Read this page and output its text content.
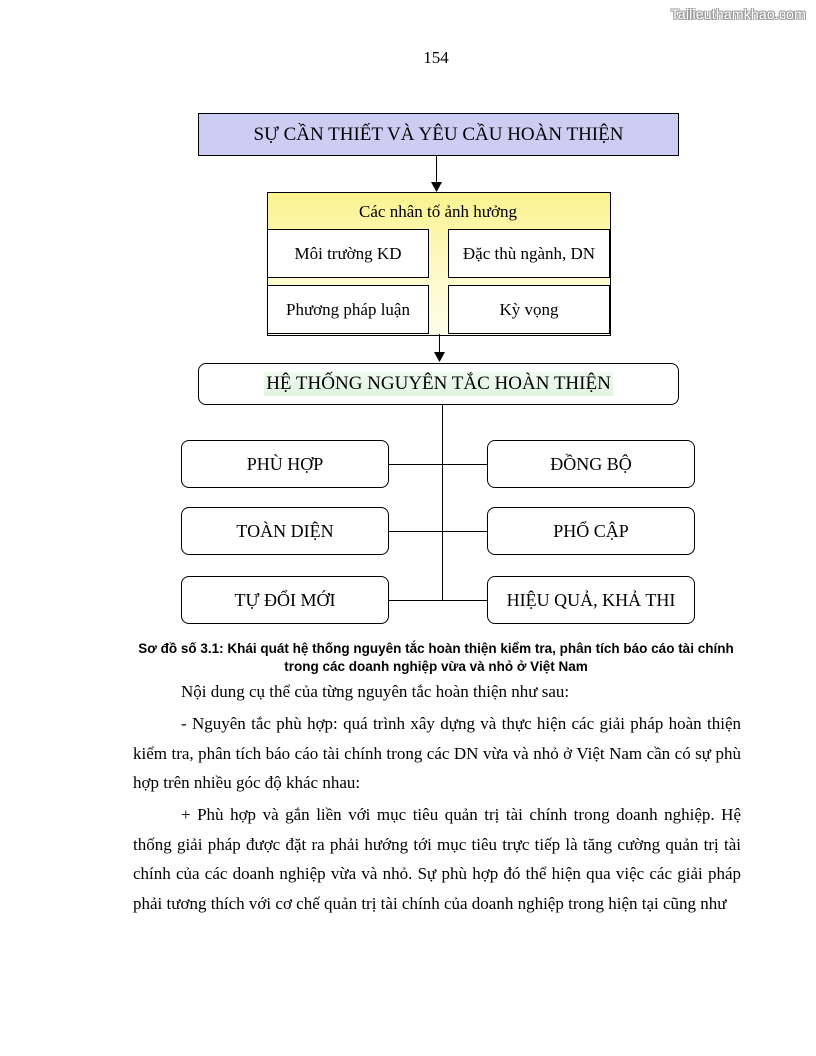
Tailieuthamkhao.com
154
SỰ CẦN THIẾT VÀ YÊU CẦU HOÀN THIỆN
Các nhân tố ảnh hưởng
Môi trường KD	Đặc thù ngành, DN
Phương pháp luận	Kỳ vọng
HỆ THỐNG NGUYÊN TẮC HOÀN THIỆN
PHÙ HỢP
TOÀN DIỆN
TỰ ĐỔI MỚI
ĐỒNG BỘ
PHỔ CẬP
HIỆU QUẢ, KHẢ THI
Sơ đồ số 3.1: Khái quát hệ thống nguyên tắc hoàn thiện kiểm tra, phân tích báo cáo tài chính
trong các doanh nghiệp vừa và nhỏ ở Việt Nam
Nội dung cụ thể của từng nguyên tắc hoàn thiện như sau:
- Nguyên tắc phù hợp: quá trình xây dựng và thực hiện các giải pháp hoàn thiện kiểm tra, phân tích báo cáo tài chính trong các DN vừa và nhỏ ở Việt Nam cần có sự phù hợp trên nhiều góc độ khác nhau:
+ Phù hợp và gắn liền với mục tiêu quản trị tài chính trong doanh nghiệp. Hệ thống giải pháp được đặt ra phải hướng tới mục tiêu trực tiếp là tăng cường quản trị tài chính của các doanh nghiệp vừa và nhỏ. Sự phù hợp đó thể hiện qua việc các giải pháp phải tương thích với cơ chế quản trị tài chính của doanh nghiệp trong hiện tại cũng như
